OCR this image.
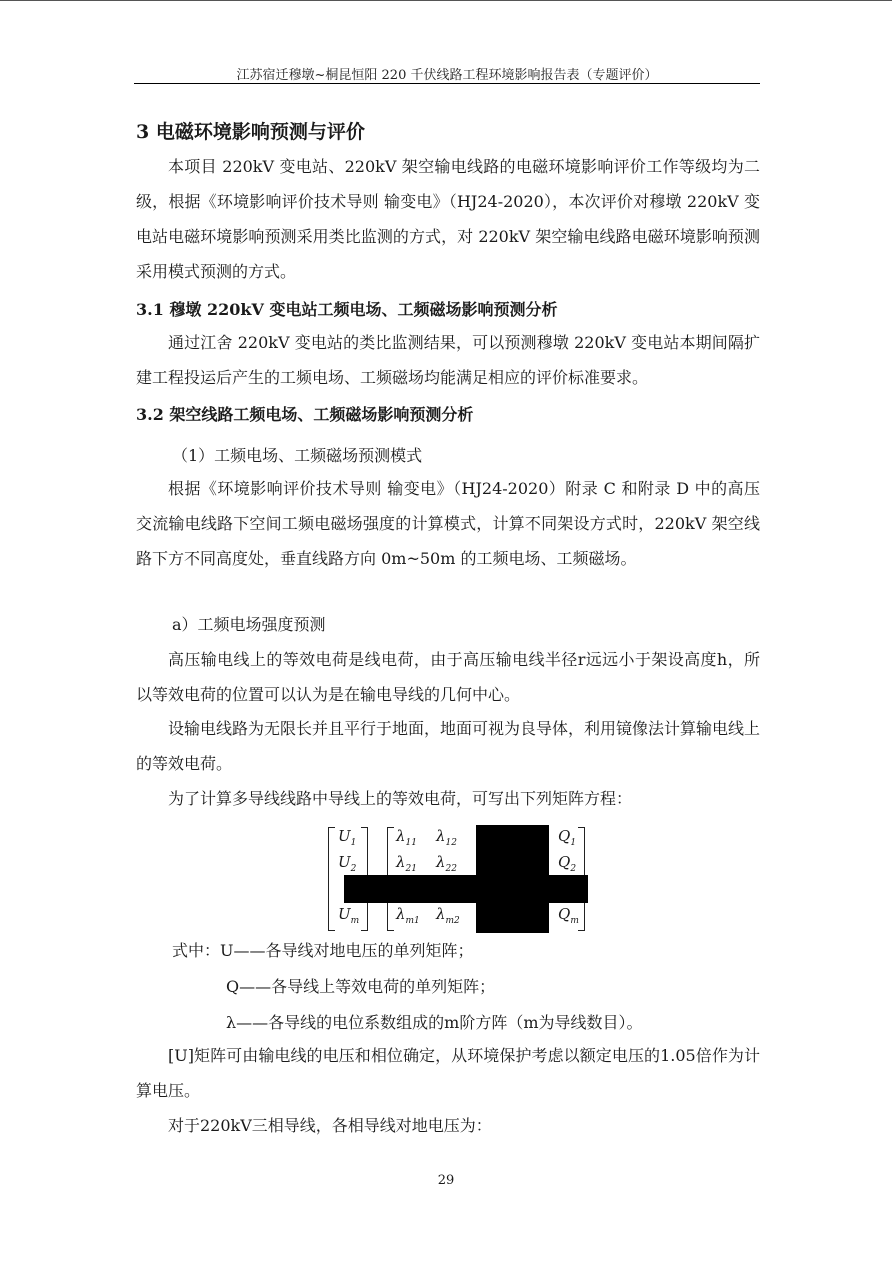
江苏宿迁穆墩~桐昆恒阳 220 千伏线路工程环境影响报告表（专题评价）

3 电磁环境影响预测与评价

本项目 220kV 变电站、220kV 架空输电线路的电磁环境影响评价工作等级均为二级，根据《环境影响评价技术导则 输变电》（HJ24-2020），本次评价对穆墩 220kV 变电站电磁环境影响预测采用类比监测的方式，对 220kV 架空输电线路电磁环境影响预测采用模式预测的方式。

3.1 穆墩 220kV 变电站工频电场、工频磁场影响预测分析

通过江舍 220kV 变电站的类比监测结果，可以预测穆墩 220kV 变电站本期间隔扩建工程投运后产生的工频电场、工频磁场均能满足相应的评价标准要求。

3.2 架空线路工频电场、工频磁场影响预测分析

（1）工频电场、工频磁场预测模式

根据《环境影响评价技术导则 输变电》（HJ24-2020）附录 C 和附录 D 中的高压交流输电线路下空间工频电磁场强度的计算模式，计算不同架设方式时，220kV 架空线路下方不同高度处，垂直线路方向 0m~50m 的工频电场、工频磁场。

a）工频电场强度预测

高压输电线上的等效电荷是线电荷，由于高压输电线半径r远远小于架设高度h，所以等效电荷的位置可以认为是在输电导线的几何中心。

设输电线路为无限长并且平行于地面，地面可视为良导体，利用镜像法计算输电线上的等效电荷。

为了计算多导线线路中导线上的等效电荷，可写出下列矩阵方程：

$U_1$
$U_2$
$U_m$
$\lambda_{11}$ $\lambda_{12}$
$\lambda_{21}$ $\lambda_{22}$
$\lambda_{m1}$ $\lambda_{m2}$
$Q_1$
$Q_2$
$Q_m$

式中：U——各导线对地电压的单列矩阵；

Q——各导线上等效电荷的单列矩阵；

λ——各导线的电位系数组成的m阶方阵（m为导线数目）。

[U]矩阵可由输电线的电压和相位确定，从环境保护考虑以额定电压的1.05倍作为计算电压。

对于220kV三相导线，各相导线对地电压为：

29
